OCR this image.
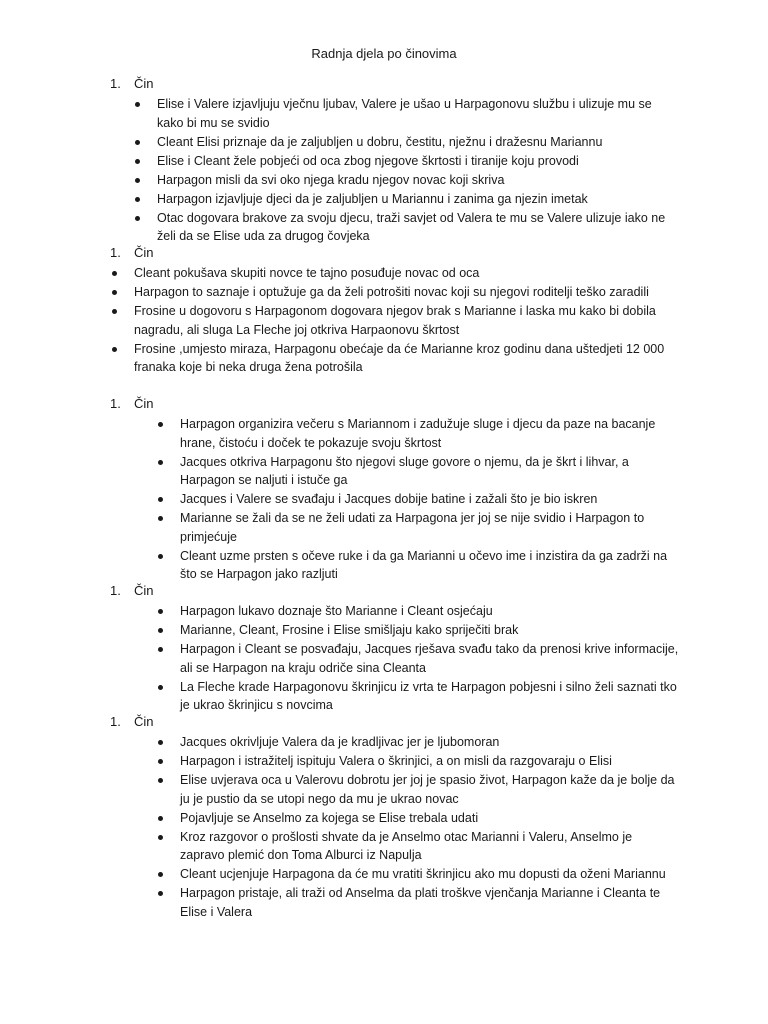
Radnja djela po činovima
1. Čin
Elise i Valere izjavljuju vječnu ljubav, Valere je ušao u Harpagonovu službu i ulizuje mu se kako bi mu se svidio
Cleant Elisi priznaje da je zaljubljen u dobru, čestitu, nježnu i dražesnu Mariannu
Elise i Cleant žele pobjeći od oca zbog njegove škrtosti i tiranije koju provodi
Harpagon misli da svi oko njega kradu njegov novac koji skriva
Harpagon izjavljuje djeci da je zaljubljen u Mariannu i zanima ga njezin imetak
Otac dogovara brakove za svoju djecu, traži savjet od Valera te mu se Valere ulizuje iako ne želi da se Elise uda za drugog čovjeka
1. Čin
Cleant pokušava skupiti novce te tajno posuđuje novac od oca
Harpagon to saznaje i optužuje ga da želi potrošiti novac koji su njegovi roditelji teško zaradili
Frosine u dogovoru s Harpagonom dogovara njegov brak s Marianne i laska mu kako bi dobila nagradu, ali sluga La Fleche joj otkriva Harpaonovu škrtost
Frosine ,umjesto miraza, Harpagonu obećaje da će Marianne kroz godinu dana uštedjeti 12 000 franaka koje bi neka druga žena potrošila
1. Čin
Harpagon organizira večeru s Mariannom i zadužuje sluge i djecu da paze na bacanje hrane, čistoću i doček te pokazuje svoju škrtost
Jacques otkriva Harpagonu što njegovi sluge govore o njemu, da je škrt i lihvar, a Harpagon se naljuti i istuče ga
Jacques i Valere se svađaju i Jacques dobije batine i zažali što je bio iskren
Marianne se žali da se ne želi udati za Harpagona jer joj se nije svidio i Harpagon to primjećuje
Cleant uzme prsten s očeve ruke i da ga Marianni u očevo ime i inzistira da ga zadrži na što se Harpagon jako razljuti
1. Čin
Harpagon lukavo doznaje što Marianne i Cleant osjećaju
Marianne, Cleant, Frosine i Elise smišljaju kako spriječiti brak
Harpagon i Cleant se posvađaju, Jacques rješava svađu tako da prenosi krive informacije, ali se Harpagon na kraju odriče sina Cleanta
La Fleche krade Harpagonovu škrinjicu iz vrta te Harpagon pobjesni i silno želi saznati tko je ukrao škrinjicu s novcima
1. Čin
Jacques okrivljuje Valera da je kradljivac jer je ljubomoran
Harpagon i istražitelj ispituju Valera o škrinjici, a on misli da razgovaraju o Elisi
Elise uvjerava oca u Valerovu dobrotu jer joj je spasio život, Harpagon kaže da je bolje da ju je pustio da se utopi nego da mu je ukrao novac
Pojavljuje se Anselmo za kojega se Elise trebala udati
Kroz razgovor o prošlosti shvate da je Anselmo otac Marianni i Valeru, Anselmo je zapravo plemić don Toma Alburci iz Napulja
Cleant ucjenjuje Harpagona da će mu vratiti škrinjicu ako mu dopusti da oženi Mariannu
Harpagon pristaje, ali traži od Anselma da plati troškve vjenčanja Marianne i Cleanta te Elise i Valera
